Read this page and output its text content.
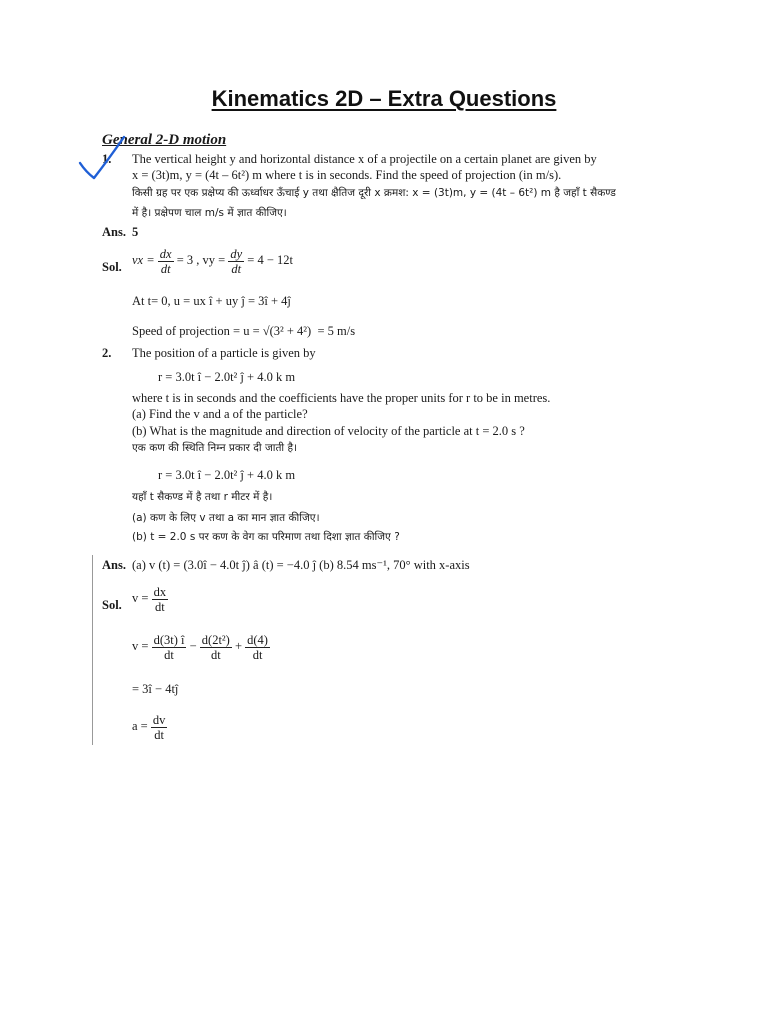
Kinematics 2D – Extra Questions
General 2-D motion
1. The vertical height y and horizontal distance x of a projectile on a certain planet are given by
x = (3t)m, y = (4t – 6t²) m where t is in seconds. Find the speed of projection (in m/s).
किसी ग्रह पर एक प्रक्षेप्य की ऊर्ध्वाधर ऊँचाई y तथा क्षैतिज दूरी x क्रमश: x = (3t)m, y = (4t – 6t²) m है जहाँ t सैकण्ड
में है। प्रक्षेपण चाल m/s में ज्ञात कीजिए।
Ans. 5
Sol. vx = $\frac{dx}{dt} = 3$ , vy = $\frac{dy}{dt} = 4 - 12t$
At t= 0, u = ux î + uy ĵ = 3î + 4ĵ
Speed of projection = u = √(3² + 4²) = 5 m/s
2. The position of a particle is given by
r = 3.0t î − 2.0t² ĵ + 4.0 k m
where t is in seconds and the coefficients have the proper units for r to be in metres.
(a) Find the v and a of the particle?
(b) What is the magnitude and direction of velocity of the particle at t = 2.0 s ?
एक कण की स्थिति निम्न प्रकार दी जाती है।
r = 3.0t î − 2.0t² ĵ + 4.0 k m
यहाँ t सैकण्ड में है तथा r मीटर में है।
(a) कण के लिए v तथा a का मान ज्ञात कीजिए।
(b) t = 2.0 s पर कण के वेग का परिमाण तथा दिशा ज्ञात कीजिए ?
Ans. (a) v (t) = (3.0î − 4.0t ĵ) â (t) = −4.0 ĵ (b) 8.54 ms⁻¹, 70° with x-axis
Sol. $v = \frac{dx}{dt}$
$v = \frac{d(3t) î}{dt} - \frac{\text{d(2t²)}}{dt} + \frac{d(4)}{dt}$
= 3î − 4tĵ
$a = \frac{dv}{dt}$
